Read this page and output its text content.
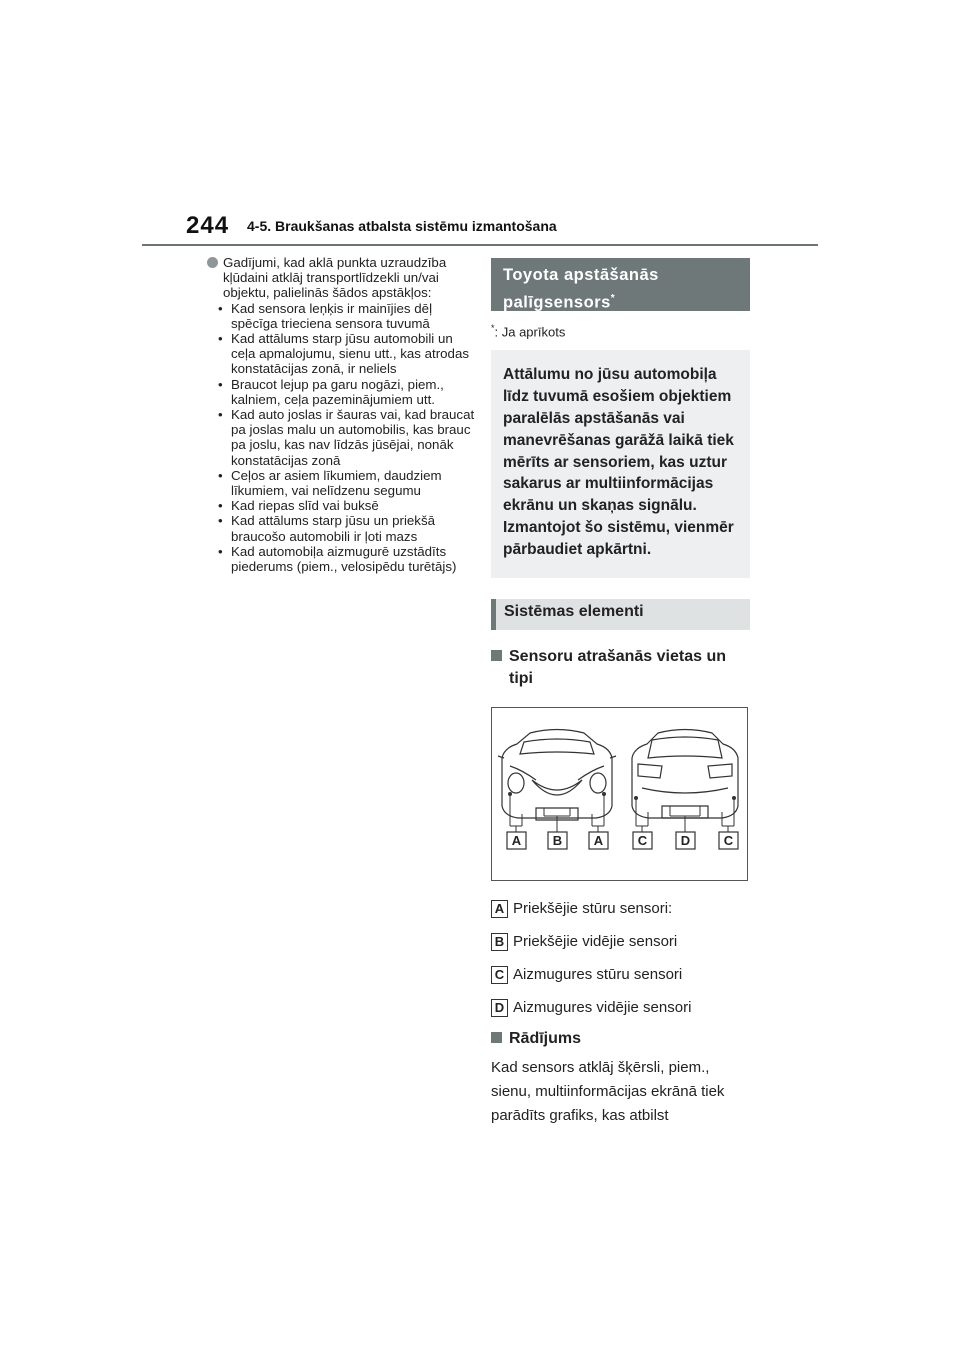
244 4-5. Braukšanas atbalsta sistēmu izmantošana
Gadījumi, kad aklā punkta uzraudzība kļūdaini atklāj transportlīdzekli un/vai objektu, palielinās šādos apstākļos:
• Kad sensora leņķis ir mainījies dēļ spēcīga trieciena sensora tuvumā
• Kad attālums starp jūsu automobili un ceļa apmalojumu, sienu utt., kas atrodas konstatācijas zonā, ir neliels
• Braucot lejup pa garu nogāzi, piem., kalniem, ceļa pazeminājumiem utt.
• Kad auto joslas ir šauras vai, kad braucat pa joslas malu un automobilis, kas brauc pa joslu, kas nav līdzās jūsējai, nonāk konstatācijas zonā
• Ceļos ar asiem līkumiem, daudziem līkumiem, vai nelīdzenu segumu
• Kad riepas slīd vai buksē
• Kad attālums starp jūsu un priekšā braucošo automobili ir ļoti mazs
• Kad automobiļa aizmugurē uzstādīts piederums (piem., velosipēdu turētājs)
Toyota apstāšanās palīgsensors*
*: Ja aprīkots
Attālumu no jūsu automobiļa līdz tuvumā esošiem objektiem paralēlās apstāšanās vai manevrēšanas garāžā laikā tiek mērīts ar sensoriem, kas uztur sakarus ar multiinformācijas ekrānu un skaņas signālu. Izmantojot šo sistēmu, vienmēr pārbaudiet apkārtni.
Sistēmas elementi
Sensoru atrašanās vietas un tipi
A B A	C	D	C
A Priekšējie stūru sensori:
B Priekšējie vidējie sensori
C Aizmugures stūru sensori
D Aizmugures vidējie sensori
Rādījums
Kad sensors atklāj šķērsli, piem., sienu, multiinformācijas ekrānā tiek parādīts grafiks, kas atbilst
